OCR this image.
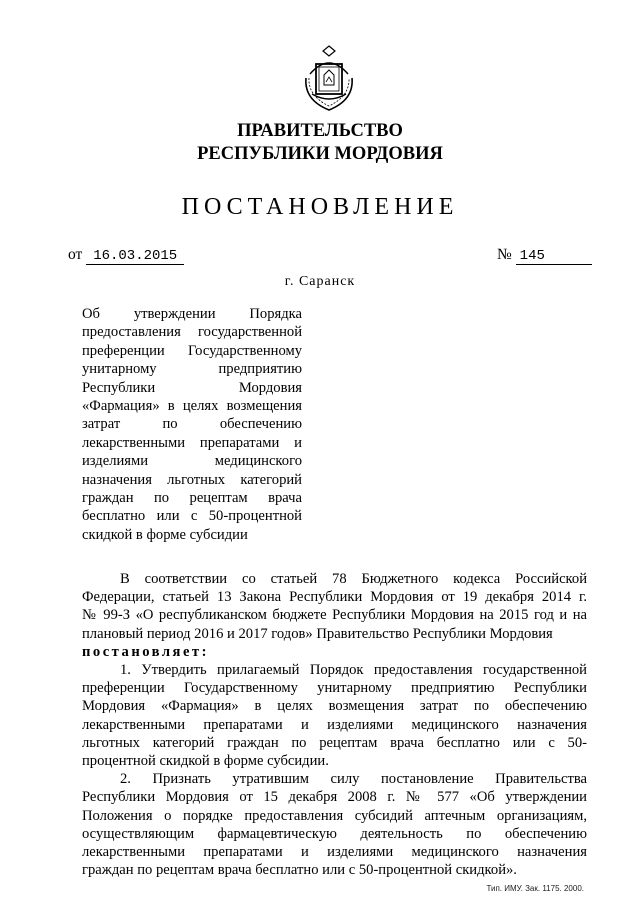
ПРАВИТЕЛЬСТВО
РЕСПУБЛИКИ МОРДОВИЯ
ПОСТАНОВЛЕНИЕ
от 16.03.2015	№ 145
г. Саранск
Об утверждении Порядка
предоставления государственной
преференции Государственному
унитарному предприятию
Республики Мордовия
«Фармация» в целях возмещения
затрат по обеспечению
лекарственными препаратами и
изделиями медицинского
назначения льготных категорий
граждан по рецептам врача
бесплатно или с 50-процентной
скидкой в форме субсидии
В соответствии со статьей 78 Бюджетного кодекса Российской
Федерации, статьей 13 Закона Республики Мордовия от 19 декабря 2014 г.
№ 99-З «О республиканском бюджете Республики Мордовия на 2015 год и на
плановый период 2016 и 2017 годов» Правительство Республики Мордовия
постановляет:
1. Утвердить прилагаемый Порядок предоставления государственной
преференции Государственному унитарному предприятию Республики
Мордовия «Фармация» в целях возмещения затрат по обеспечению
лекарственными препаратами и изделиями медицинского назначения
льготных категорий граждан по рецептам врача бесплатно или с 50-
процентной скидкой в форме субсидии.
2. Признать утратившим силу постановление Правительства
Республики Мордовия от 15 декабря 2008 г. № 577 «Об утверждении
Положения о порядке предоставления субсидий аптечным организациям,
осуществляющим фармацевтическую деятельность по обеспечению
лекарственными препаратами и изделиями медицинского назначения
граждан по рецептам врача бесплатно или с 50-процентной скидкой».
Тип. ИМУ. Зак. 1175. 2000.
